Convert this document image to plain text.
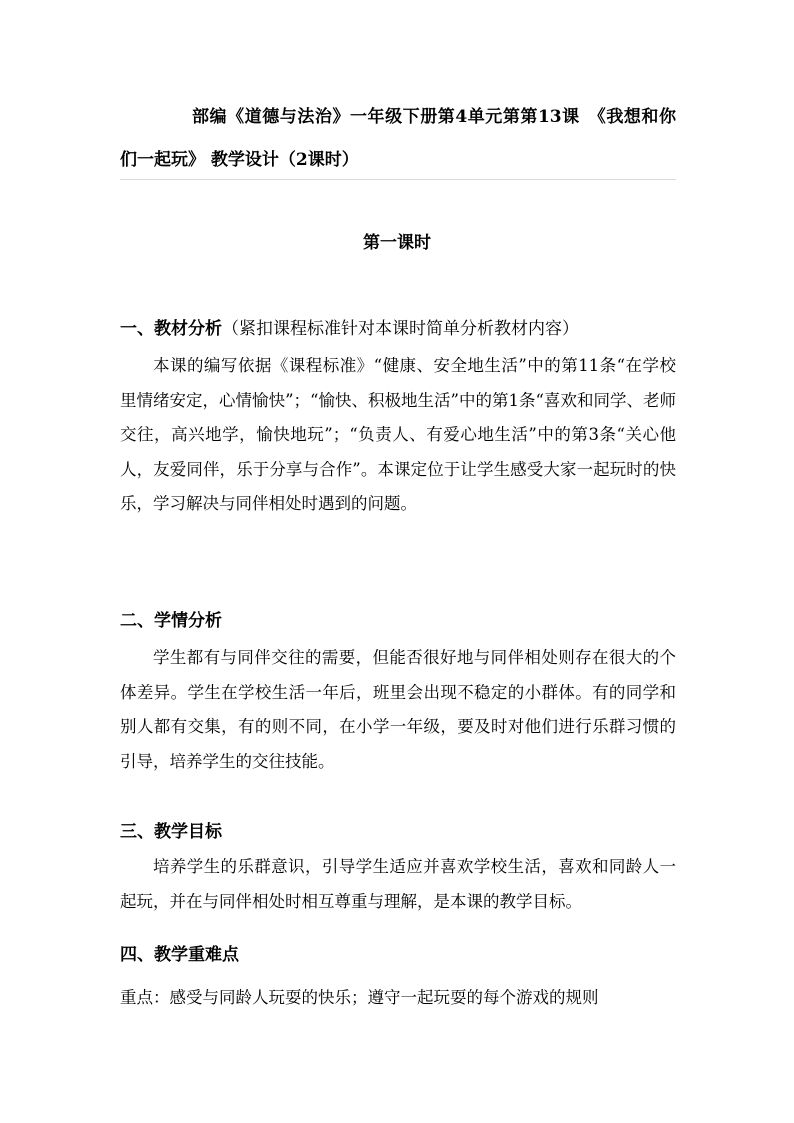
部编《道德与法治》一年级下册第4单元第第13课　《我想和你们一起玩》 教学设计（2课时）
第一课时
一、教材分析（紧扣课程标准针对本课时简单分析教材内容）
本课的编写依据《课程标准》“健康、安全地生活”中的第11条“在学校里情绪安定，心情愉快”；“愉快、积极地生活”中的第1条“喜欢和同学、老师交往，高兴地学，愉快地玩”；“负责人、有爱心地生活”中的第3条“关心他人，友爱同伴，乐于分享与合作”。本课定位于让学生感受大家一起玩时的快乐，学习解决与同伴相处时遇到的问题。
二、学情分析
学生都有与同伴交往的需要，但能否很好地与同伴相处则存在很大的个体差异。学生在学校生活一年后，班里会出现不稳定的小群体。有的同学和别人都有交集，有的则不同，在小学一年级，要及时对他们进行乐群习惯的引导，培养学生的交往技能。
三、教学目标
培养学生的乐群意识，引导学生适应并喜欢学校生活，喜欢和同龄人一起玩，并在与同伴相处时相互尊重与理解，是本课的教学目标。
四、教学重难点
重点：感受与同龄人玩耍的快乐；遵守一起玩耍的每个游戏的规则
